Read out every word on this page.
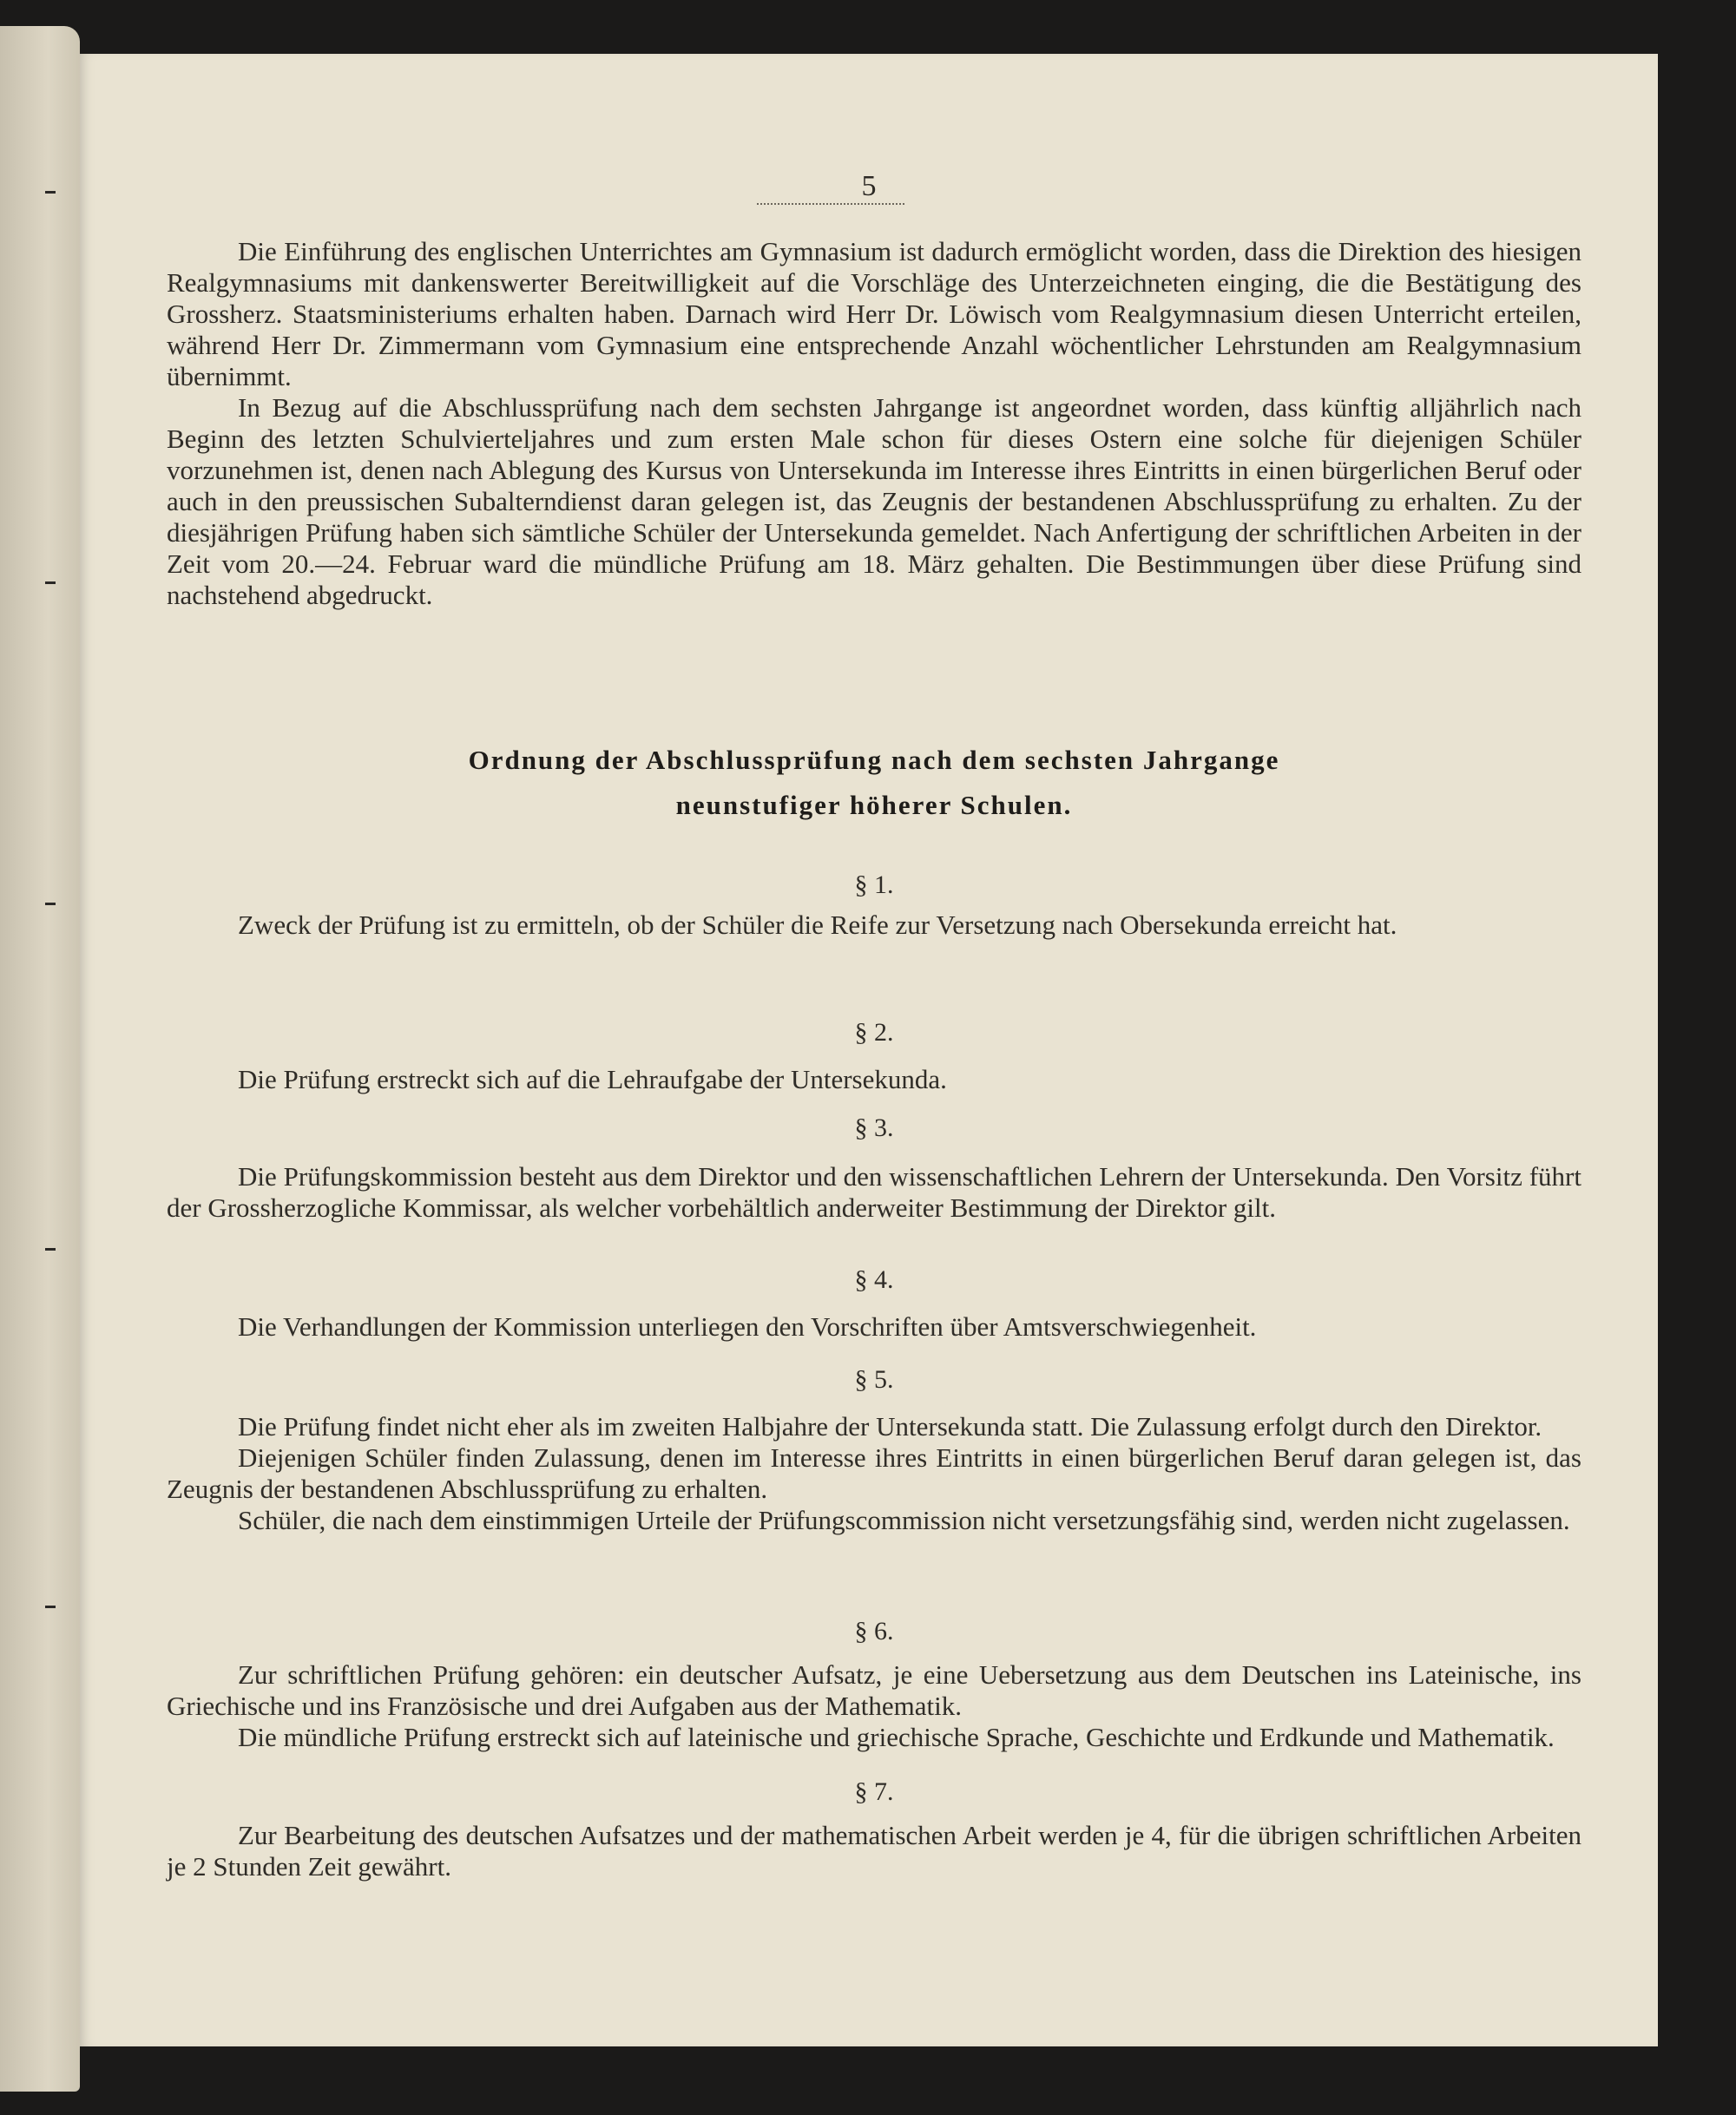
5

Die Einführung des englischen Unterrichtes am Gymnasium ist dadurch ermöglicht worden, dass die Direktion des hiesigen Realgymnasiums mit dankenswerter Bereitwilligkeit auf die Vorschläge des Unterzeichneten einging, die die Bestätigung des Grossherz. Staatsministeriums erhalten haben. Darnach wird Herr Dr. Löwisch vom Realgymnasium diesen Unterricht erteilen, während Herr Dr. Zimmermann vom Gymnasium eine entsprechende Anzahl wöchentlicher Lehrstunden am Realgymnasium übernimmt.

In Bezug auf die Abschlussprüfung nach dem sechsten Jahrgange ist angeordnet worden, dass künftig alljährlich nach Beginn des letzten Schulvierteljahres und zum ersten Male schon für dieses Ostern eine solche für diejenigen Schüler vorzunehmen ist, denen nach Ablegung des Kursus von Untersekunda im Interesse ihres Eintritts in einen bürgerlichen Beruf oder auch in den preussischen Subalterndienst daran gelegen ist, das Zeugnis der bestandenen Abschlussprüfung zu erhalten. Zu der diesjährigen Prüfung haben sich sämtliche Schüler der Untersekunda gemeldet. Nach Anfertigung der schriftlichen Arbeiten in der Zeit vom 20.—24. Februar ward die mündliche Prüfung am 18. März gehalten. Die Bestimmungen über diese Prüfung sind nachstehend abgedruckt.

Ordnung der Abschlussprüfung nach dem sechsten Jahrgange
neunstufiger höherer Schulen.
§ 1.

Zweck der Prüfung ist zu ermitteln, ob der Schüler die Reife zur Versetzung nach Obersekunda erreicht hat.

§ 2.

Die Prüfung erstreckt sich auf die Lehraufgabe der Untersekunda.

§ 3.

Die Prüfungskommission besteht aus dem Direktor und den wissenschaftlichen Lehrern der Untersekunda. Den Vorsitz führt der Grossherzogliche Kommissar, als welcher vorbehältlich anderweiter Bestimmung der Direktor gilt.

§ 4.

Die Verhandlungen der Kommission unterliegen den Vorschriften über Amtsverschwiegenheit.

§ 5.

Die Prüfung findet nicht eher als im zweiten Halbjahre der Untersekunda statt. Die Zulassung erfolgt durch den Direktor.

Diejenigen Schüler finden Zulassung, denen im Interesse ihres Eintritts in einen bürgerlichen Beruf daran gelegen ist, das Zeugnis der bestandenen Abschlussprüfung zu erhalten.

Schüler, die nach dem einstimmigen Urteile der Prüfungscommission nicht versetzungsfähig sind, werden nicht zugelassen.

§ 6.

Zur schriftlichen Prüfung gehören: ein deutscher Aufsatz, je eine Uebersetzung aus dem Deutschen ins Lateinische, ins Griechische und ins Französische und drei Aufgaben aus der Mathematik.

Die mündliche Prüfung erstreckt sich auf lateinische und griechische Sprache, Geschichte und Erdkunde und Mathematik.

§ 7.

Zur Bearbeitung des deutschen Aufsatzes und der mathematischen Arbeit werden je 4, für die übrigen schriftlichen Arbeiten je 2 Stunden Zeit gewährt.
